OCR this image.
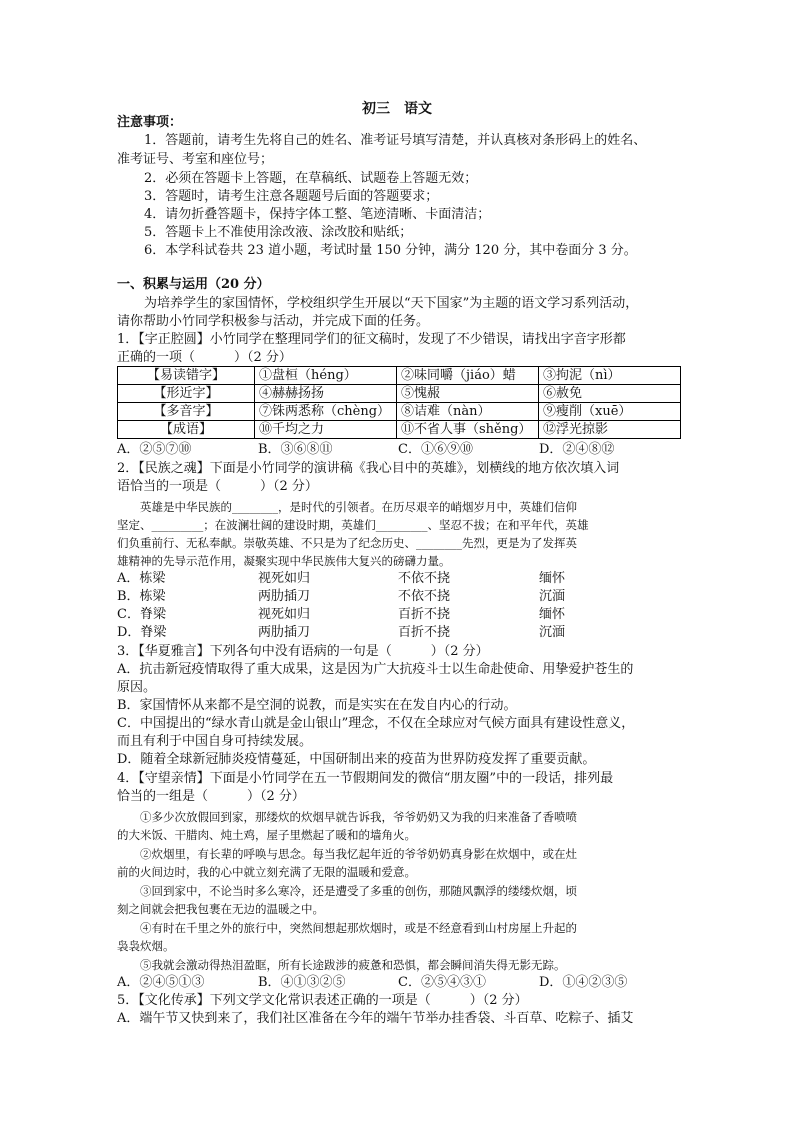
初三　语文
注意事项：
1．答题前，请考生先将自己的姓名、准考证号填写清楚，并认真核对条形码上的姓名、
准考证号、考室和座位号；
2．必须在答题卡上答题，在草稿纸、试题卷上答题无效；
3．答题时，请考生注意各题题号后面的答题要求；
4．请勿折叠答题卡，保持字体工整、笔迹清晰、卡面清洁；
5．答题卡上不准使用涂改液、涂改胶和贴纸；
6．本学科试卷共 23 道小题，考试时量 150 分钟，满分 120 分，其中卷面分 3 分。
一、积累与运用（20 分）
为培养学生的家国情怀，学校组织学生开展以“天下国家”为主题的语文学习系列活动，
请你帮助小竹同学积极参与活动，并完成下面的任务。
1．【字正腔圆】小竹同学在整理同学们的征文稿时，发现了不少错误，请找出字音字形都
正确的一项（　　　）（2 分）
【易读错字】	①盘桓（héng）	②味同嚼（jiáo）蜡	③拘泥（nì）
【形近字】	④赫赫扬扬	⑤愧赧	⑥赦免
【多音字】	⑦铢两悉称（chèng）	⑧诘难（nàn）	⑨瘦削（xuē）
【成语】	⑩千均之力	⑪不省人事（shěng）	⑫浮光掠影
A．②⑤⑦⑩	B．③⑥⑧⑪	C．①⑥⑨⑩	D．②④⑧⑫
2．【民族之魂】下面是小竹同学的演讲稿《我心目中的英雄》，划横线的地方依次填入词
语恰当的一项是（　　　）（2 分）
英雄是中华民族的________，是时代的引领者。在历尽艰辛的峭烟岁月中，英雄们信仰
坚定、_________；在波澜壮阔的建设时期，英雄们_________、坚忍不拔；在和平年代，英雄
们负重前行、无私奉献。崇敬英雄、不只是为了纪念历史、________先烈，更是为了发挥英
雄精神的先导示范作用，凝聚实现中华民族伟大复兴的磅礴力量。
A．栋梁	视死如归	不依不挠	缅怀
B．栋梁	两肋插刀	不依不挠	沉湎
C．脊梁	视死如归	百折不挠	缅怀
D．脊梁	两肋插刀	百折不挠	沉湎
3．【华夏雅言】下列各句中没有语病的一句是（　　　）（2 分）
A．抗击新冠疫情取得了重大成果，这是因为广大抗疫斗士以生命赴使命、用挚爱护苍生的
原因。
B．家国情怀从来都不是空洞的说教，而是实实在在发自内心的行动。
C．中国提出的“绿水青山就是金山银山”理念，不仅在全球应对气候方面具有建设性意义，
而且有利于中国自身可持续发展。
D．随着全球新冠肺炎疫情蔓延，中国研制出来的疫苗为世界防疫发挥了重要贡献。
4．【守望亲情】下面是小竹同学在五一节假期间发的微信“朋友圈”中的一段话，排列最
恰当的一组是（　　　）（2 分）
①多少次放假回到家，那缕炊的炊烟早就告诉我，爷爷奶奶又为我的归来准备了香喷喷
的大米饭、干腊肉、炖土鸡，屋子里燃起了暖和的墙角火。
②炊烟里，有长辈的呼唤与思念。每当我忆起年近的爷爷奶奶真身影在炊烟中，或在灶
前的火间边时，我的心中就立刻充满了无限的温暖和爱意。
③回到家中，不论当时多么寒冷，还是遭受了多重的创伤，那随风飘浮的缕缕炊烟，顷
刻之间就会把我包裹在无边的温暖之中。
④有时在千里之外的旅行中，突然间想起那炊烟时，或是不经意看到山村房屋上升起的
袅袅炊烟。
⑤我就会激动得热泪盈眶，所有长途跋涉的疲惫和恐惧，都会瞬间消失得无影无踪。
A．②④⑤①③	B．④①③②⑤	C．②⑤④③①	D．①④②③⑤
5．【文化传承】下列文学文化常识表述正确的一项是（　　　）（2 分）
A．端午节又快到来了，我们社区准备在今年的端午节举办挂香袋、斗百草、吃粽子、插艾
